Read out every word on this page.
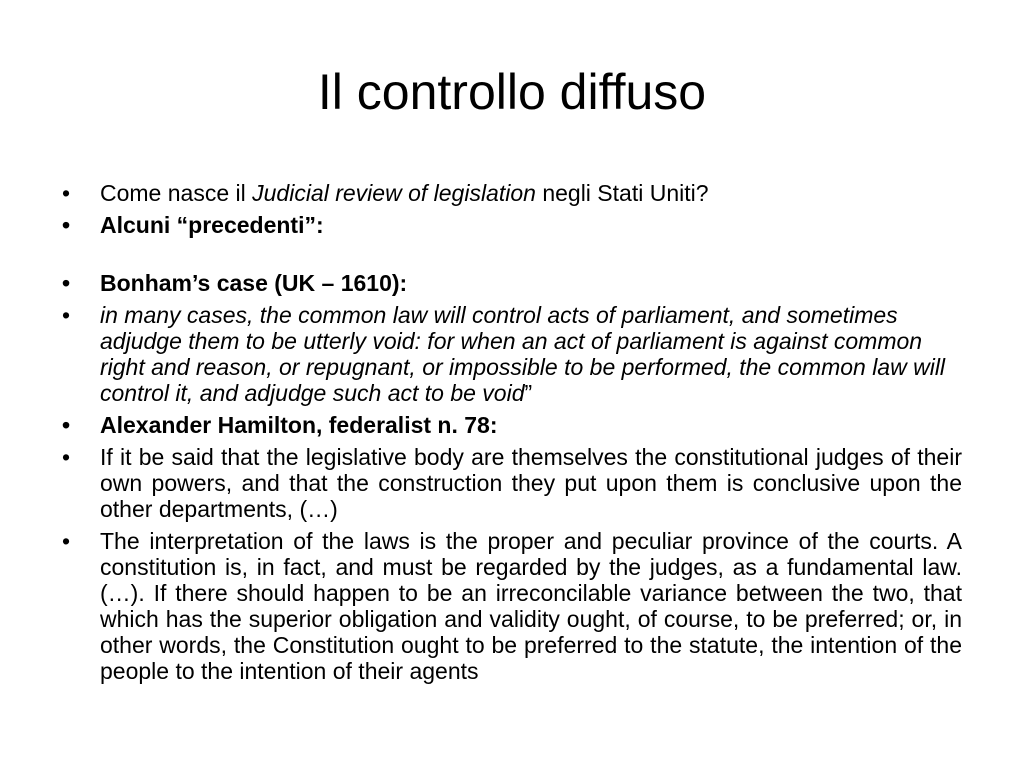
Il controllo diffuso
•	Come nasce il Judicial review of legislation negli Stati Uniti?
•	Alcuni “precedenti”:
•	Bonham’s case (UK – 1610):
•	in many cases, the common law will control acts of parliament, and sometimes adjudge them to be utterly void: for when an act of parliament is against common right and reason, or repugnant, or impossible to be performed, the common law will control it, and adjudge such act to be void”
•	Alexander Hamilton, federalist n. 78:
•	If it be said that the legislative body are themselves the constitutional judges of their own powers, and that the construction they put upon them is conclusive upon the other departments, (…)
•	The interpretation of the laws is the proper and peculiar province of the courts. A constitution is, in fact, and must be regarded by the judges, as a fundamental law. (…). If there should happen to be an irreconcilable variance between the two, that which has the superior obligation and validity ought, of course, to be preferred; or, in other words, the Constitution ought to be preferred to the statute, the intention of the people to the intention of their agents
